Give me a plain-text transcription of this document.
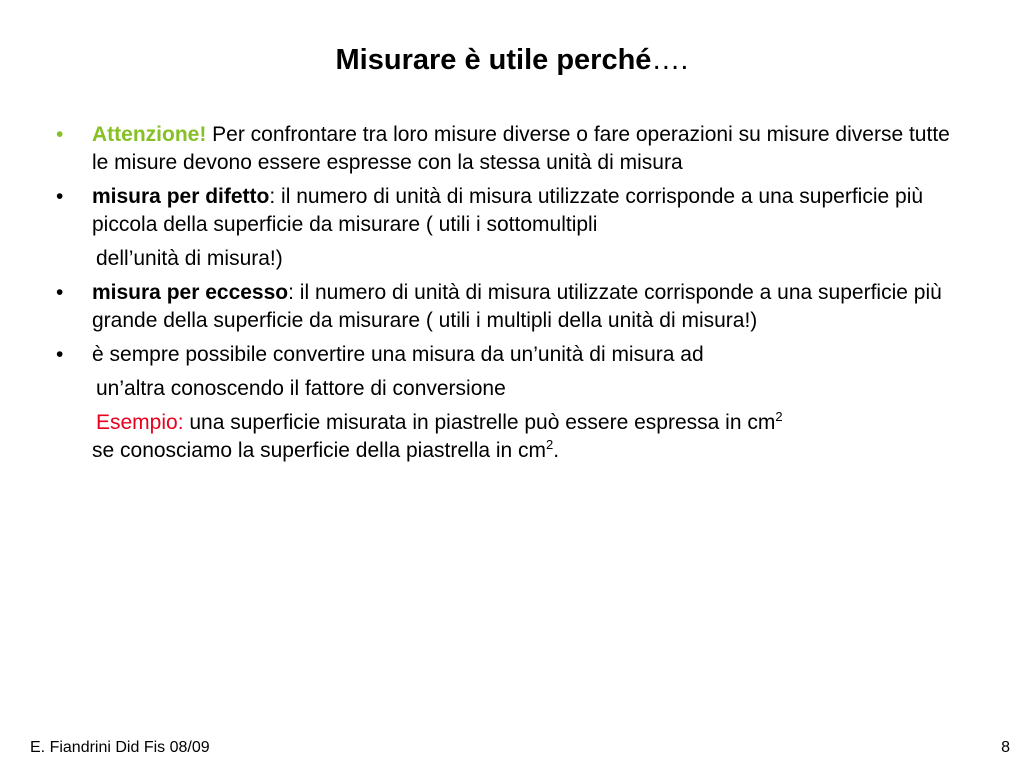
Misurare è utile perché….
•	Attenzione! Per confrontare tra loro misure diverse o fare operazioni su misure diverse tutte le misure devono essere espresse con la stessa unità di misura
•	misura per difetto: il numero di unità di misura utilizzate corrisponde a una superficie più piccola della superficie da misurare ( utili i sottomultipli
dell’unità di misura!)
•	misura per eccesso: il numero di unità di misura utilizzate corrisponde a una superficie più grande della superficie da misurare ( utili i multipli della unità di misura!)
•	è sempre possibile convertire una misura da un’unità di misura ad
un’altra conoscendo il fattore di conversione
Esempio: una superficie misurata in piastrelle può essere espressa in $cm^2$
se conosciamo la superficie della piastrella in $cm^2$.
E. Fiandrini Did Fis 08/09	8
